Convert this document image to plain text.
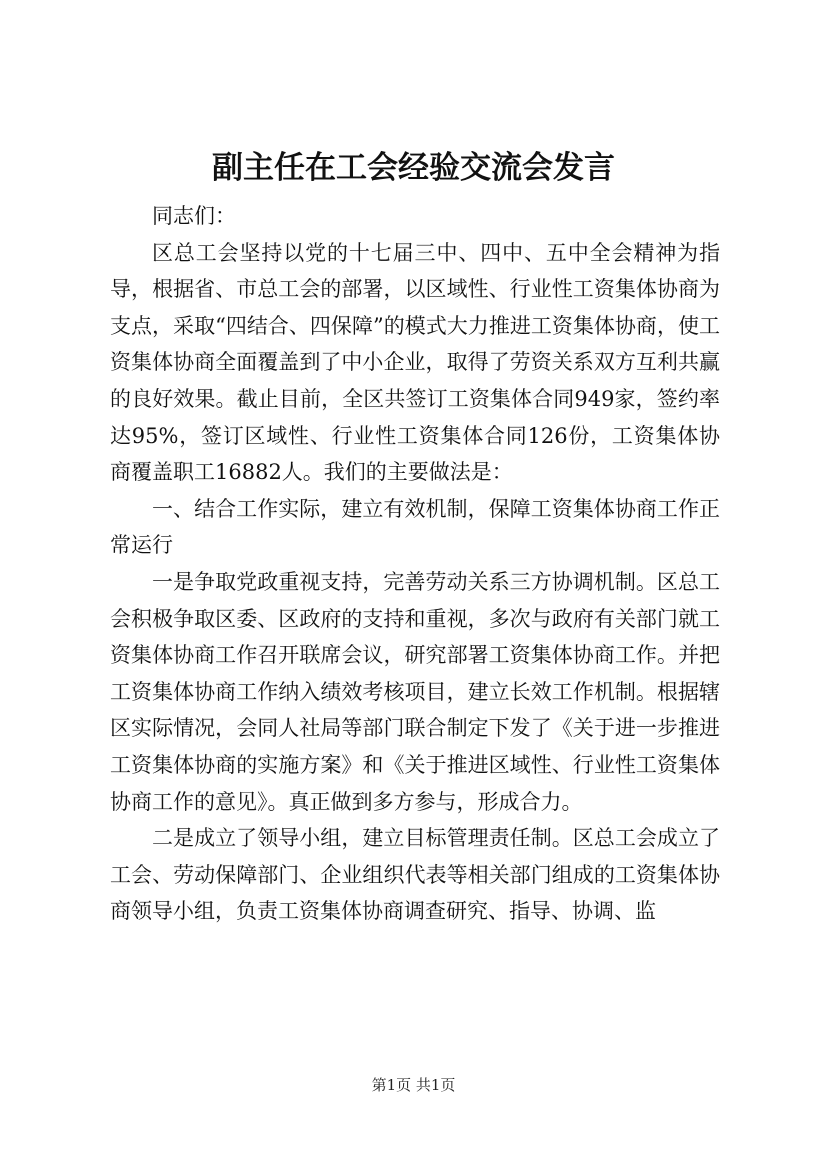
副主任在工会经验交流会发言

同志们：

区总工会坚持以党的十七届三中、四中、五中全会精神为指导，根据省、市总工会的部署，以区域性、行业性工资集体协商为支点，采取“四结合、四保障”的模式大力推进工资集体协商，使工资集体协商全面覆盖到了中小企业，取得了劳资关系双方互利共赢的良好效果。截止目前，全区共签订工资集体合同949家，签约率达95%，签订区域性、行业性工资集体合同126份，工资集体协商覆盖职工16882人。我们的主要做法是：

一、结合工作实际，建立有效机制，保障工资集体协商工作正常运行

一是争取党政重视支持，完善劳动关系三方协调机制。区总工会积极争取区委、区政府的支持和重视，多次与政府有关部门就工资集体协商工作召开联席会议，研究部署工资集体协商工作。并把工资集体协商工作纳入绩效考核项目，建立长效工作机制。根据辖区实际情况，会同人社局等部门联合制定下发了《关于进一步推进工资集体协商的实施方案》和《关于推进区域性、行业性工资集体协商工作的意见》。真正做到多方参与，形成合力。

二是成立了领导小组，建立目标管理责任制。区总工会成立了工会、劳动保障部门、企业组织代表等相关部门组成的工资集体协商领导小组，负责工资集体协商调查研究、指导、协调、监

第1页 共1页
